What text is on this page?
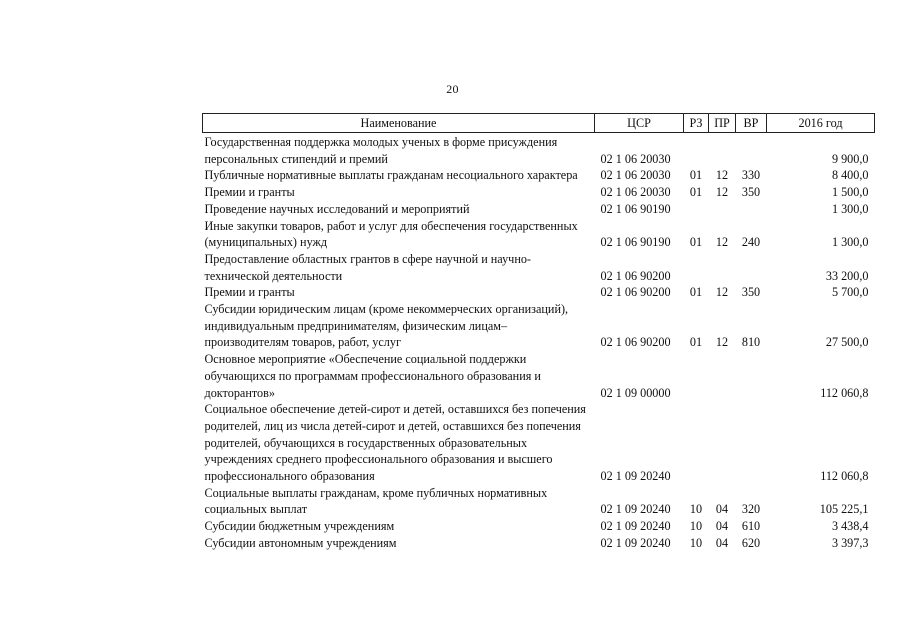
20
Наименование	ЦСР	РЗ	ПР	ВР	2016 год
Государственная поддержка молодых ученых в форме присуждения персональных стипендий и премий	02 1 06 20030				9 900,0
Публичные нормативные выплаты гражданам несоциального характера	02 1 06 20030	01	12	330	8 400,0
Премии и гранты	02 1 06 20030	01	12	350	1 500,0
Проведение научных исследований и мероприятий	02 1 06 90190				1 300,0
Иные закупки товаров, работ и услуг для обеспечения государственных (муниципальных) нужд	02 1 06 90190	01	12	240	1 300,0
Предоставление областных грантов в сфере научной и научно-технической деятельности	02 1 06 90200				33 200,0
Премии и гранты	02 1 06 90200	01	12	350	5 700,0
Субсидии юридическим лицам (кроме некоммерческих организаций), индивидуальным предпринимателям, физическим лицам–производителям товаров, работ, услуг	02 1 06 90200	01	12	810	27 500,0
Основное мероприятие «Обеспечение социальной поддержки обучающихся по программам профессионального образования и докторантов»	02 1 09 00000				112 060,8
Социальное обеспечение детей-сирот и детей, оставшихся без попечения родителей, лиц из числа детей-сирот и детей, оставшихся без попечения родителей, обучающихся в государственных образовательных учреждениях среднего профессионального образования и высшего профессионального образования	02 1 09 20240				112 060,8
Социальные выплаты гражданам, кроме публичных нормативных социальных выплат	02 1 09 20240	10	04	320	105 225,1
Субсидии бюджетным учреждениям	02 1 09 20240	10	04	610	3 438,4
Субсидии автономным учреждениям	02 1 09 20240	10	04	620	3 397,3
